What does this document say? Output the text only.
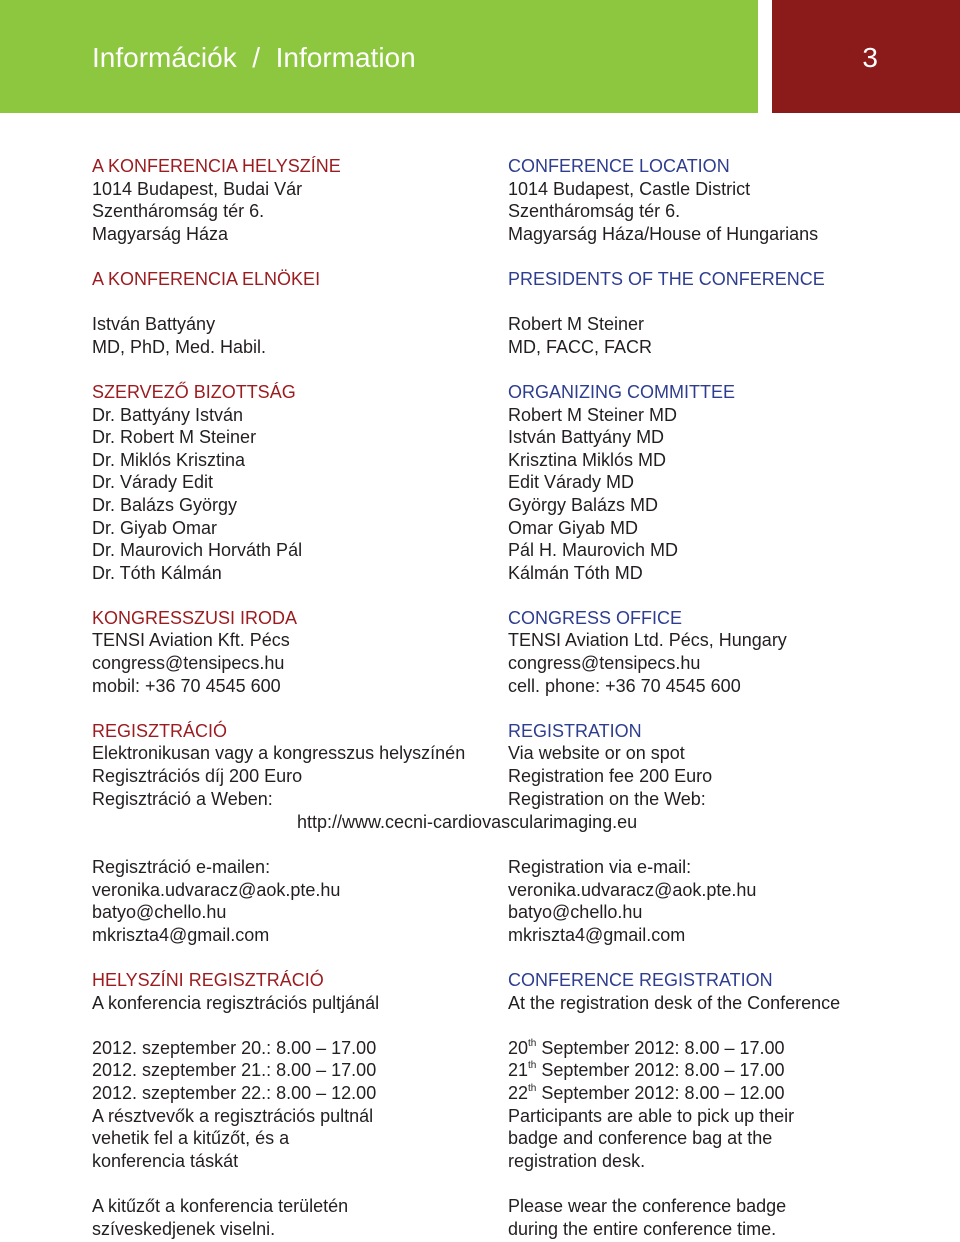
Információk  /  Information	3
A KONFERENCIA HELYSZÍNE
1014 Budapest, Budai Vár
Szentháromság tér 6.
Magyarság Háza
A KONFERENCIA ELNÖKEI
István Battyány
MD, PhD, Med. Habil.
SZERVEZŐ BIZOTTSÁG
Dr. Battyány István
Dr. Robert M Steiner
Dr. Miklós Krisztina
Dr. Várady Edit
Dr. Balázs György
Dr. Giyab Omar
Dr. Maurovich Horváth Pál
Dr. Tóth Kálmán
KONGRESSZUSI IRODA
TENSI Aviation Kft. Pécs
congress@tensipecs.hu
mobil: +36 70 4545 600
REGISZTRÁCIÓ
Elektronikusan vagy a kongresszus helyszínén
Regisztrációs díj 200 Euro
Regisztráció a Weben:
CONFERENCE LOCATION
1014 Budapest, Castle District
Szentháromság tér 6.
Magyarság Háza/House of Hungarians
PRESIDENTS OF THE CONFERENCE
Robert M Steiner
MD, FACC, FACR
ORGANIZING COMMITTEE
Robert M Steiner MD
István Battyány MD
Krisztina Miklós MD
Edit Várady MD
György Balázs MD
Omar Giyab MD
Pál H. Maurovich MD
Kálmán Tóth MD
CONGRESS OFFICE
TENSI Aviation Ltd. Pécs, Hungary
congress@tensipecs.hu
cell. phone: +36 70 4545 600
REGISTRATION
Via website or on spot
Registration fee 200 Euro
Registration on the Web:
http://www.cecni-cardiovascularimaging.eu
Regisztráció e-mailen:
veronika.udvaracz@aok.pte.hu
batyo@chello.hu
mkriszta4@gmail.com
HELYSZÍNI REGISZTRÁCIÓ
A konferencia regisztrációs pultjánál
2012. szeptember 20.: 8.00 – 17.00
2012. szeptember 21.: 8.00 – 17.00
2012. szeptember 22.: 8.00 – 12.00
A résztvevők a regisztrációs pultnál
vehetik fel a kitűzőt, és a
konferencia táskát
A kitűzőt a konferencia területén
szíveskedjenek viselni.
Registration via e-mail:
veronika.udvaracz@aok.pte.hu
batyo@chello.hu
mkriszta4@gmail.com
CONFERENCE REGISTRATION
At the registration desk of the Conference
20th September 2012: 8.00 – 17.00
21th September 2012: 8.00 – 17.00
22th September 2012: 8.00 – 12.00
Participants are able to pick up their
badge and conference bag at the
registration desk.
Please wear the conference badge
during the entire conference time.
